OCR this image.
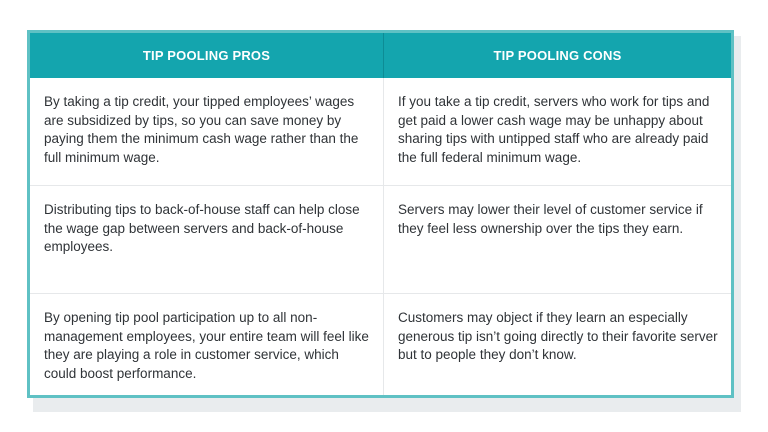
TIP POOLING PROS	TIP POOLING CONS
By taking a tip credit, your tipped employees’ wages are subsidized by tips, so you can save money by paying them the minimum cash wage rather than the full minimum wage.
If you take a tip credit, servers who work for tips and get paid a lower cash wage may be unhappy about sharing tips with untipped staff who are already paid the full federal minimum wage.
Distributing tips to back-of-house staff can help close the wage gap between servers and back-of-house employees.
Servers may lower their level of customer service if they feel less ownership over the tips they earn.
By opening tip pool participation up to all non-management employees, your entire team will feel like they are playing a role in customer service, which could boost performance.
Customers may object if they learn an especially generous tip isn’t going directly to their favorite server but to people they don’t know.
